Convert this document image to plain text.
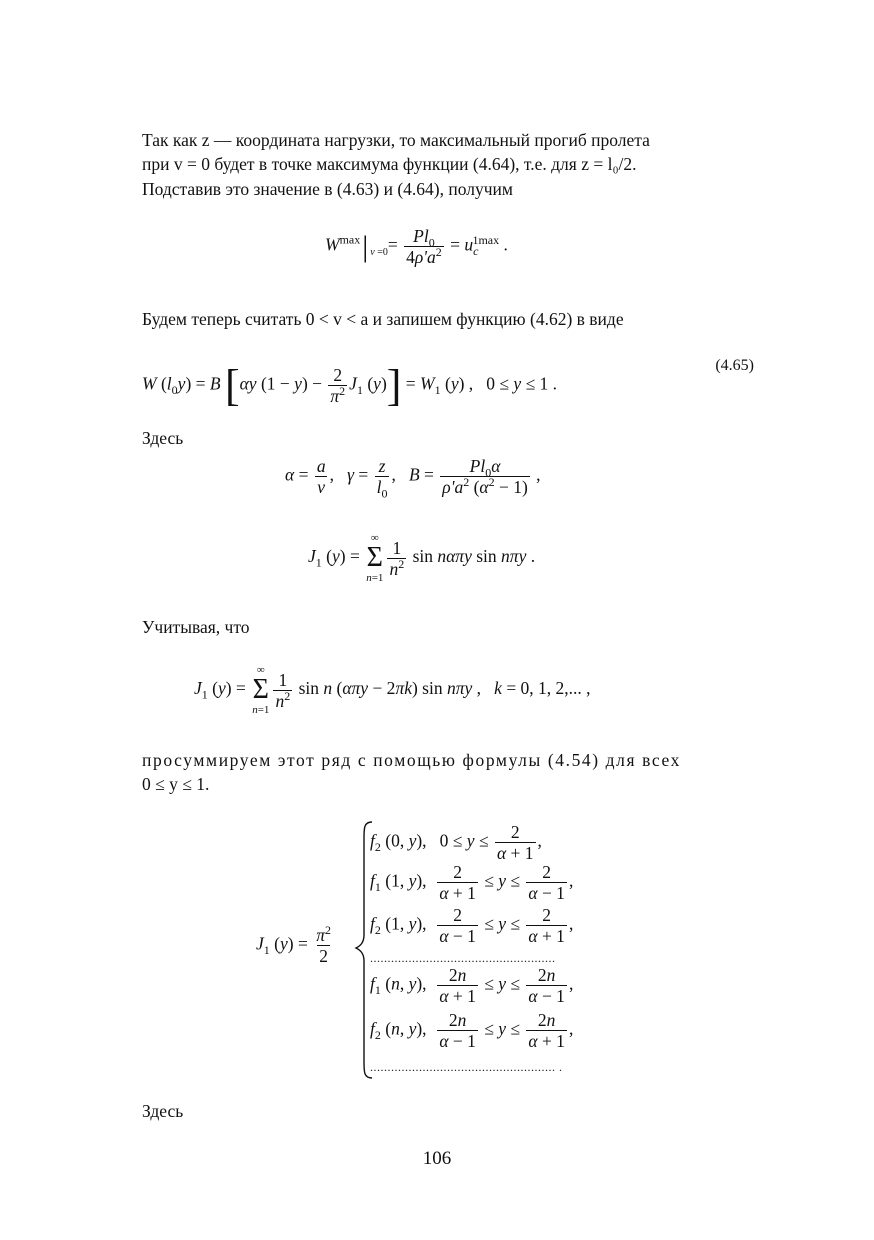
Так как z — координата нагрузки, то максимальный прогиб пролета
при v = 0 будет в точке максимума функции (4.64), т.е. для z = l₀/2.
Подставив это значение в (4.63) и (4.64), получим
$W^{max}|$ $_{v =0}= \frac{Pl_0}{4\rho'a^2} = u_c^{1max}$ .
Будем теперь считать 0 < v < a и запишем функцию (4.62) в виде
W $(l_0y) = B$ [αy $(1 - y) - \frac{2}{\pi^2} J_1$ $(y)] = W_1$ (y) ,   0 ≤ y ≤ 1 .
(4.65)
Здесь
$\alpha = \frac{a}{v}$ ,   $\gamma = \frac{z}{l_0}$ ,   $B = \frac{Pl_0\alpha}{\rho'a^2 (\alpha^2 - 1)}$ ,
$J_1$ (y) =
∞
Σ
$n=1 \frac{1}{n^2}$ sin nαπy sin nπy .
Учитывая, что
$J_1$ (y) =
∞
Σ
$n=1 \frac{1}{n^2}$ sin n (απy − 2πk) sin nπy ,   k = 0, 1, 2,... ,
просуммируем этот ряд с помощью формулы (4.54) для всех
0 ≤ y ≤ 1.
$J_1$ $(y) = \frac{\pi^2}{2}$
$f_2$ (0, y),   $0 \le y \le \frac{2}{\alpha + 1}$ ,
$f_1$ (1, y), $\frac{2}{\alpha + 1} \le y \le \frac{2}{\alpha - 1}$ ,
$f_2$ (1, y), $\frac{2}{\alpha - 1} \le y \le \frac{2}{\alpha + 1}$ ,
.....................................................
$f_1$ (n, y), $\frac{2n}{\alpha + 1} \le y \le \frac{2n}{\alpha - 1}$ ,
$f_2$ (n, y), $\frac{2n}{\alpha - 1} \le y \le \frac{2n}{\alpha + 1}$ ,
..................................................... .
Здесь
106
